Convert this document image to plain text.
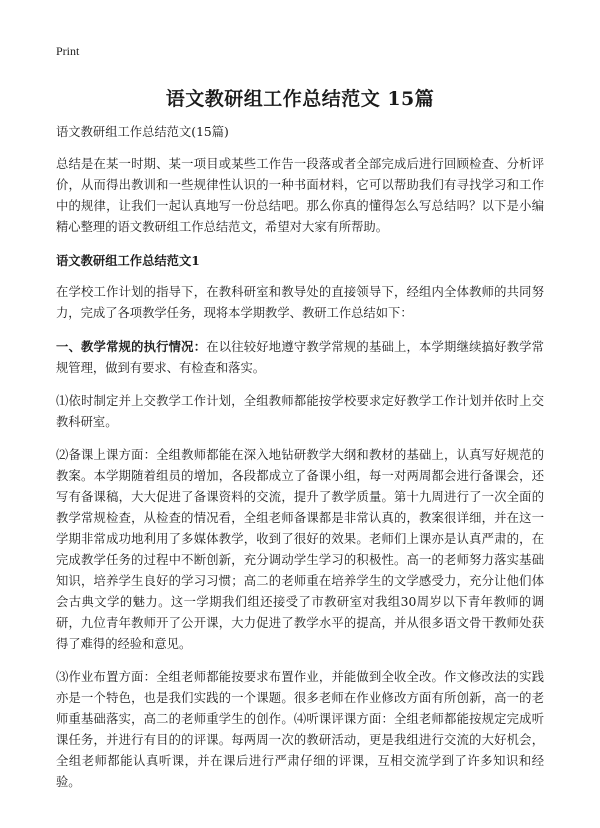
Print
语文教研组工作总结范文 15篇

语文教研组工作总结范文(15篇)

总结是在某一时期、某一项目或某些工作告一段落或者全部完成后进行回顾检查、分析评价，从而得出教训和一些规律性认识的一种书面材料，它可以帮助我们有寻找学习和工作中的规律，让我们一起认真地写一份总结吧。那么你真的懂得怎么写总结吗？以下是小编精心整理的语文教研组工作总结范文，希望对大家有所帮助。

语文教研组工作总结范文1

在学校工作计划的指导下，在教科研室和教导处的直接领导下，经组内全体教师的共同努力，完成了各项教学任务，现将本学期教学、教研工作总结如下：

一、教学常规的执行情况：在以往较好地遵守教学常规的基础上，本学期继续搞好教学常规管理，做到有要求、有检查和落实。

⑴依时制定并上交教学工作计划，全组教师都能按学校要求定好教学工作计划并依时上交教科研室。

⑵备课上课方面：全组教师都能在深入地钻研教学大纲和教材的基础上，认真写好规范的教案。本学期随着组员的增加，各段都成立了备课小组，每一对两周都会进行备课会，还写有备课稿，大大促进了备课资料的交流，提升了教学质量。第十九周进行了一次全面的教学常规检查，从检查的情况看，全组老师备课都是非常认真的，教案很详细，并在这一学期非常成功地利用了多媒体教学，收到了很好的效果。老师们上课亦是认真严肃的，在完成教学任务的过程中不断创新，充分调动学生学习的积极性。高一的老师努力落实基础知识，培养学生良好的学习习惯；高二的老师重在培养学生的文学感受力，充分让他们体会古典文学的魅力。这一学期我们组还接受了市教研室对我组30周岁以下青年教师的调研，九位青年教师开了公开课，大力促进了教学水平的提高，并从很多语文骨干教师处获得了难得的经验和意见。

⑶作业布置方面：全组老师都能按要求布置作业，并能做到全收全改。作文修改法的实践亦是一个特色，也是我们实践的一个课题。很多老师在作业修改方面有所创新，高一的老师重基础落实，高二的老师重学生的创作。⑷听课评课方面：全组老师都能按规定完成听课任务，并进行有目的的评课。每两周一次的教研活动，更是我组进行交流的大好机会，全组老师都能认真听课，并在课后进行严肃仔细的评课，互相交流学到了许多知识和经验。
